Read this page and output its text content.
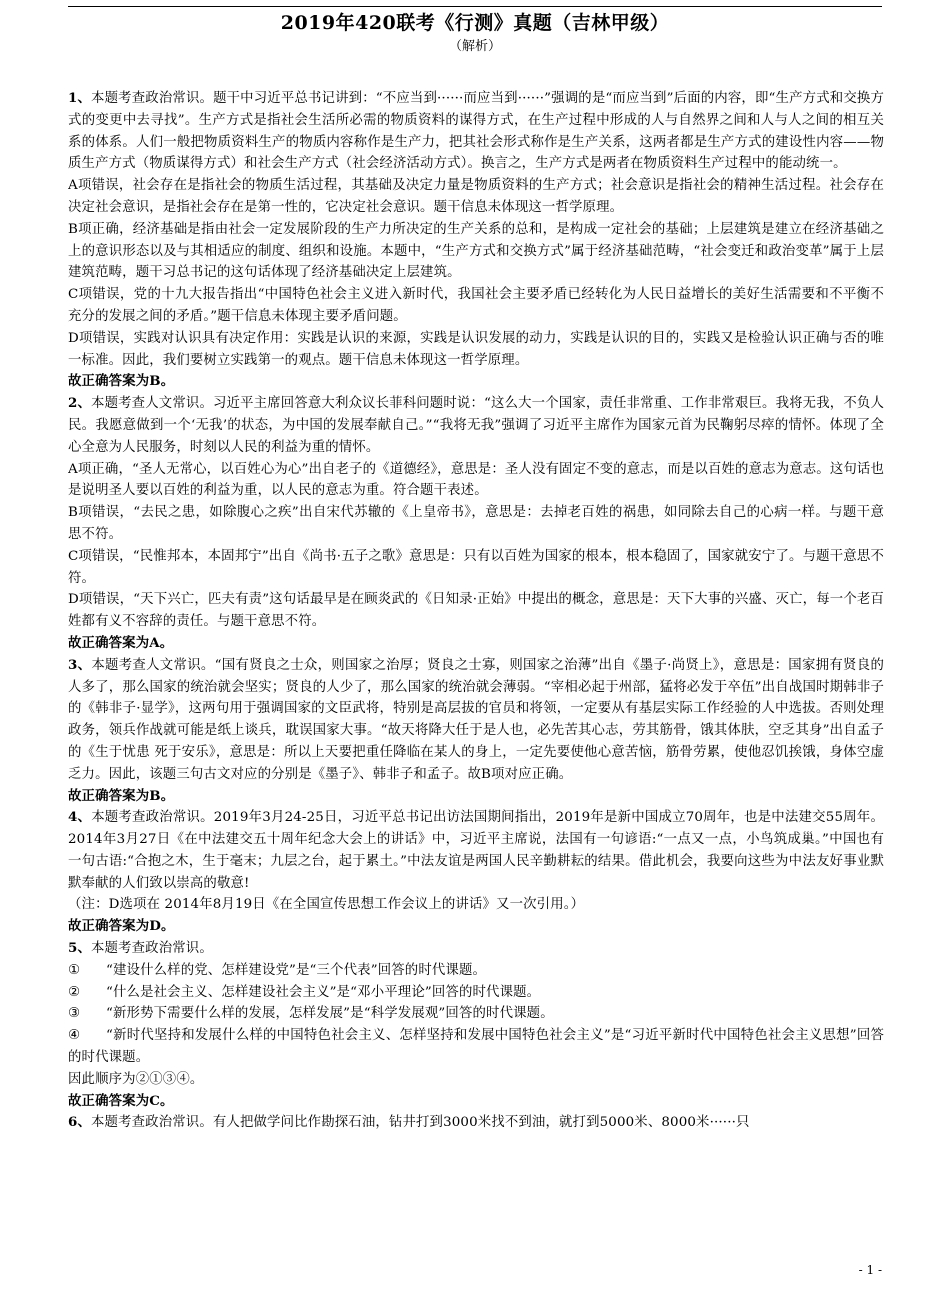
2019年420联考《行测》真题（吉林甲级）
（解析）

1、本题考查政治常识。题干中习近平总书记讲到：“不应当到······而应当到······”强调的是“而应当到”后面的内容，即“生产方式和交换方式的变更中去寻找”。生产方式是指社会生活所必需的物质资料的谋得方式，在生产过程中形成的人与自然界之间和人与人之间的相互关系的体系。人们一般把物质资料生产的物质内容称作是生产力，把其社会形式称作是生产关系，这两者都是生产方式的建设性内容——物质生产方式（物质谋得方式）和社会生产方式（社会经济活动方式）。换言之，生产方式是两者在物质资料生产过程中的能动统一。

A项错误，社会存在是指社会的物质生活过程，其基础及决定力量是物质资料的生产方式；社会意识是指社会的精神生活过程。社会存在决定社会意识，是指社会存在是第一性的，它决定社会意识。题干信息未体现这一哲学原理。

B项正确，经济基础是指由社会一定发展阶段的生产力所决定的生产关系的总和，是构成一定社会的基础；上层建筑是建立在经济基础之上的意识形态以及与其相适应的制度、组织和设施。本题中，“生产方式和交换方式”属于经济基础范畴，“社会变迁和政治变革”属于上层建筑范畴，题干习总书记的这句话体现了经济基础决定上层建筑。

C项错误，党的十九大报告指出“中国特色社会主义进入新时代，我国社会主要矛盾已经转化为人民日益增长的美好生活需要和不平衡不充分的发展之间的矛盾。”题干信息未体现主要矛盾问题。

D项错误，实践对认识具有决定作用：实践是认识的来源，实践是认识发展的动力，实践是认识的目的，实践又是检验认识正确与否的唯一标准。因此，我们要树立实践第一的观点。题干信息未体现这一哲学原理。

故正确答案为B。

2、本题考查人文常识。习近平主席回答意大利众议长菲科问题时说：“这么大一个国家，责任非常重、工作非常艰巨。我将无我，不负人民。我愿意做到一个‘无我’的状态，为中国的发展奉献自己。”“我将无我”强调了习近平主席作为国家元首为民鞠躬尽瘁的情怀。体现了全心全意为人民服务，时刻以人民的利益为重的情怀。

A项正确，“圣人无常心，以百姓心为心”出自老子的《道德经》，意思是：圣人没有固定不变的意志，而是以百姓的意志为意志。这句话也是说明圣人要以百姓的利益为重，以人民的意志为重。符合题干表述。

B项错误，“去民之患，如除腹心之疾”出自宋代苏辙的《上皇帝书》，意思是：去掉老百姓的祸患，如同除去自己的心病一样。与题干意思不符。

C项错误，“民惟邦本，本固邦宁”出自《尚书·五子之歌》意思是：只有以百姓为国家的根本，根本稳固了，国家就安宁了。与题干意思不符。

D项错误，“天下兴亡，匹夫有责”这句话最早是在顾炎武的《日知录·正始》中提出的概念，意思是：天下大事的兴盛、灭亡，每一个老百姓都有义不容辞的责任。与题干意思不符。

故正确答案为A。

3、本题考查人文常识。“国有贤良之士众，则国家之治厚；贤良之士寡，则国家之治薄”出自《墨子·尚贤上》，意思是：国家拥有贤良的人多了，那么国家的统治就会坚实；贤良的人少了，那么国家的统治就会薄弱。“宰相必起于州部，猛将必发于卒伍”出自战国时期韩非子的《韩非子·显学》，这两句用于强调国家的文臣武将，特别是高层拔的官员和将领，一定要从有基层实际工作经验的人中选拔。否则处理政务，领兵作战就可能是纸上谈兵，耽误国家大事。“故天将降大任于是人也，必先苦其心志，劳其筋骨，饿其体肤，空乏其身”出自孟子的《生于忧患 死于安乐》，意思是：所以上天要把重任降临在某人的身上，一定先要使他心意苦恼，筋骨劳累，使他忍饥挨饿，身体空虚乏力。因此，该题三句古文对应的分别是《墨子》、韩非子和孟子。故B项对应正确。

故正确答案为B。

4、本题考查政治常识。2019年3月24-25日，习近平总书记出访法国期间指出，2019年是新中国成立70周年，也是中法建交55周年。2014年3月27日《在中法建交五十周年纪念大会上的讲话》中，习近平主席说，法国有一句谚语:“一点又一点，小鸟筑成巢。”中国也有一句古语:“合抱之木，生于毫末；九层之台，起于累土。”中法友谊是两国人民辛勤耕耘的结果。借此机会，我要向这些为中法友好事业默默奉献的人们致以崇高的敬意!

（注：D选项在 2014年8月19日《在全国宣传思想工作会议上的讲话》又一次引用。）

故正确答案为D。

5、本题考查政治常识。

① “建设什么样的党、怎样建设党”是“三个代表”回答的时代课题。

② “什么是社会主义、怎样建设社会主义”是“邓小平理论”回答的时代课题。

③ “新形势下需要什么样的发展，怎样发展”是“科学发展观”回答的时代课题。

④ “新时代坚持和发展什么样的中国特色社会主义、怎样坚持和发展中国特色社会主义”是“习近平新时代中国特色社会主义思想”回答的时代课题。

因此顺序为②①③④。

故正确答案为C。

6、本题考查政治常识。有人把做学问比作勘探石油，钻井打到3000米找不到油，就打到5000米、8000米······只

- 1 -
